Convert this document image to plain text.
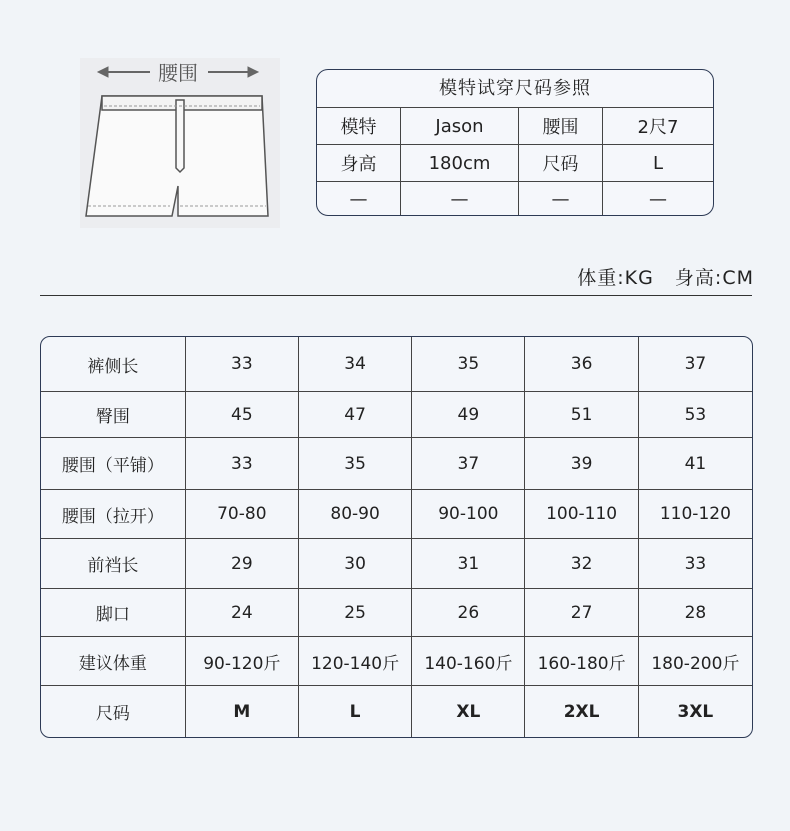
腰围
模特试穿尺码参照
模特	Jason	腰围	2尺7
身高	180cm	尺码	L
—	—	—	—
体重:KG   身高:CM
裤侧长	33	34	35	36	37
臀围	45	47	49	51	53
腰围（平铺）	33	35	37	39	41
腰围（拉开）	70-80	80-90	90-100	100-110	110-120
前裆长	29	30	31	32	33
脚口	24	25	26	27	28
建议体重	90-120斤	120-140斤	140-160斤	160-180斤	180-200斤
尺码	M	L	XL	2XL	3XL
